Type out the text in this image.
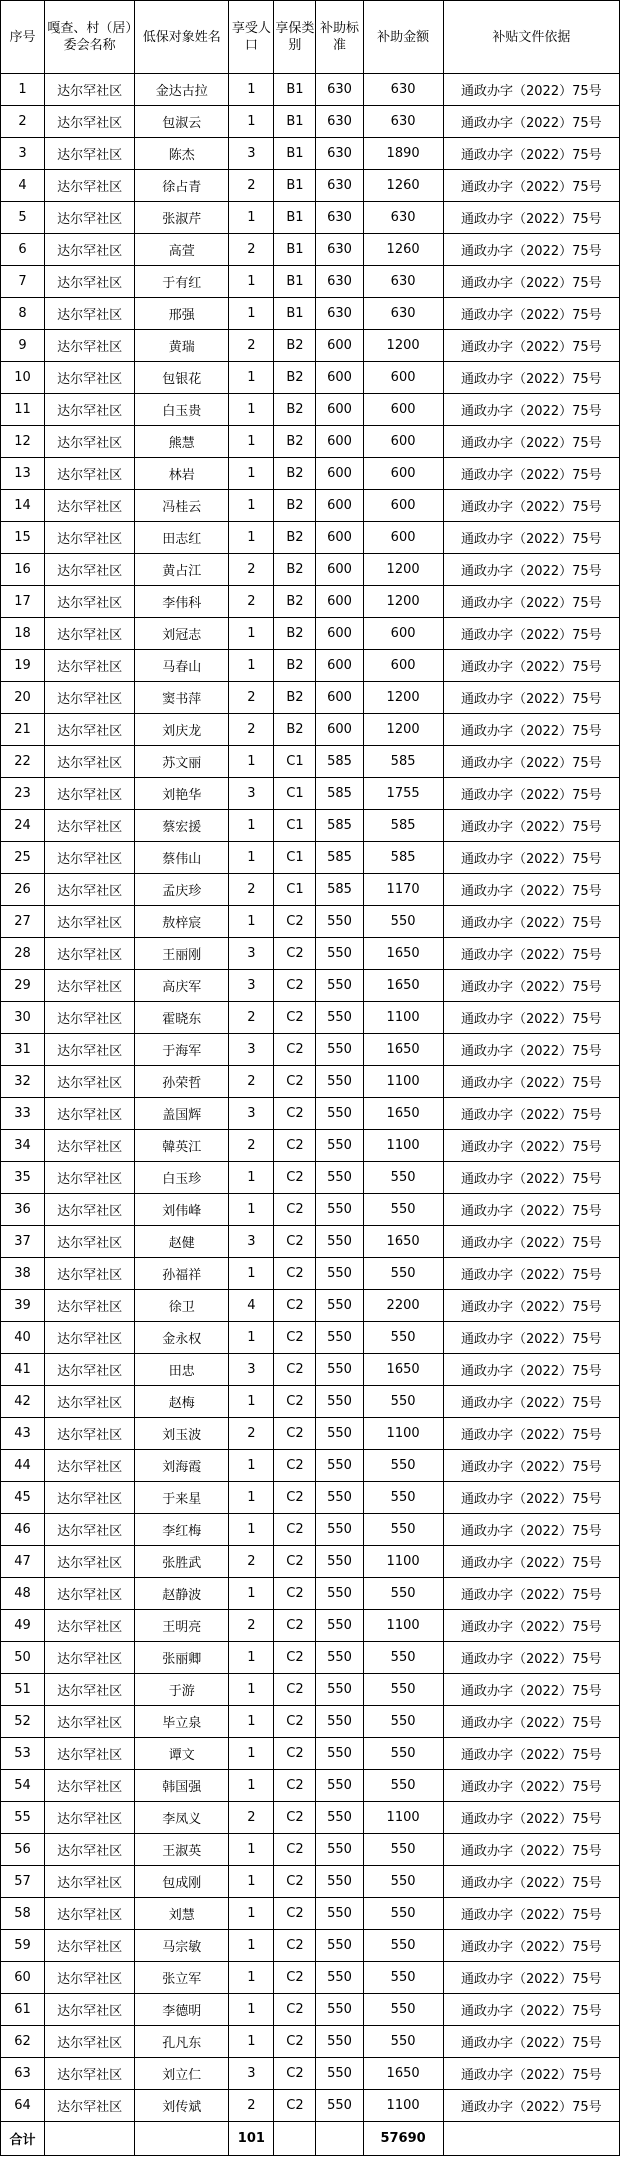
序号	嘎查、村（居）委会名称	低保对象姓名	享受人口	享保类别	补助标准	补助金额	补贴文件依据
1	达尔罕社区	金达古拉	1	B1	630	630	通政办字（2022）75号
2	达尔罕社区	包淑云	1	B1	630	630	通政办字（2022）75号
3	达尔罕社区	陈杰	3	B1	630	1890	通政办字（2022）75号
4	达尔罕社区	徐占青	2	B1	630	1260	通政办字（2022）75号
5	达尔罕社区	张淑芹	1	B1	630	630	通政办字（2022）75号
6	达尔罕社区	高萱	2	B1	630	1260	通政办字（2022）75号
7	达尔罕社区	于有红	1	B1	630	630	通政办字（2022）75号
8	达尔罕社区	邢强	1	B1	630	630	通政办字（2022）75号
9	达尔罕社区	黄瑞	2	B2	600	1200	通政办字（2022）75号
10	达尔罕社区	包银花	1	B2	600	600	通政办字（2022）75号
11	达尔罕社区	白玉贵	1	B2	600	600	通政办字（2022）75号
12	达尔罕社区	熊慧	1	B2	600	600	通政办字（2022）75号
13	达尔罕社区	林岩	1	B2	600	600	通政办字（2022）75号
14	达尔罕社区	冯桂云	1	B2	600	600	通政办字（2022）75号
15	达尔罕社区	田志红	1	B2	600	600	通政办字（2022）75号
16	达尔罕社区	黄占江	2	B2	600	1200	通政办字（2022）75号
17	达尔罕社区	李伟科	2	B2	600	1200	通政办字（2022）75号
18	达尔罕社区	刘冠志	1	B2	600	600	通政办字（2022）75号
19	达尔罕社区	马春山	1	B2	600	600	通政办字（2022）75号
20	达尔罕社区	窦书萍	2	B2	600	1200	通政办字（2022）75号
21	达尔罕社区	刘庆龙	2	B2	600	1200	通政办字（2022）75号
22	达尔罕社区	苏文丽	1	C1	585	585	通政办字（2022）75号
23	达尔罕社区	刘艳华	3	C1	585	1755	通政办字（2022）75号
24	达尔罕社区	蔡宏援	1	C1	585	585	通政办字（2022）75号
25	达尔罕社区	蔡伟山	1	C1	585	585	通政办字（2022）75号
26	达尔罕社区	孟庆珍	2	C1	585	1170	通政办字（2022）75号
27	达尔罕社区	敖梓宸	1	C2	550	550	通政办字（2022）75号
28	达尔罕社区	王丽刚	3	C2	550	1650	通政办字（2022）75号
29	达尔罕社区	高庆军	3	C2	550	1650	通政办字（2022）75号
30	达尔罕社区	霍晓东	2	C2	550	1100	通政办字（2022）75号
31	达尔罕社区	于海军	3	C2	550	1650	通政办字（2022）75号
32	达尔罕社区	孙荣哲	2	C2	550	1100	通政办字（2022）75号
33	达尔罕社区	盖国辉	3	C2	550	1650	通政办字（2022）75号
34	达尔罕社区	韓英江	2	C2	550	1100	通政办字（2022）75号
35	达尔罕社区	白玉珍	1	C2	550	550	通政办字（2022）75号
36	达尔罕社区	刘伟峰	1	C2	550	550	通政办字（2022）75号
37	达尔罕社区	赵健	3	C2	550	1650	通政办字（2022）75号
38	达尔罕社区	孙福祥	1	C2	550	550	通政办字（2022）75号
39	达尔罕社区	徐卫	4	C2	550	2200	通政办字（2022）75号
40	达尔罕社区	金永权	1	C2	550	550	通政办字（2022）75号
41	达尔罕社区	田忠	3	C2	550	1650	通政办字（2022）75号
42	达尔罕社区	赵梅	1	C2	550	550	通政办字（2022）75号
43	达尔罕社区	刘玉波	2	C2	550	1100	通政办字（2022）75号
44	达尔罕社区	刘海霞	1	C2	550	550	通政办字（2022）75号
45	达尔罕社区	于来星	1	C2	550	550	通政办字（2022）75号
46	达尔罕社区	李红梅	1	C2	550	550	通政办字（2022）75号
47	达尔罕社区	张胜武	2	C2	550	1100	通政办字（2022）75号
48	达尔罕社区	赵静波	1	C2	550	550	通政办字（2022）75号
49	达尔罕社区	王明亮	2	C2	550	1100	通政办字（2022）75号
50	达尔罕社区	张丽卿	1	C2	550	550	通政办字（2022）75号
51	达尔罕社区	于游	1	C2	550	550	通政办字（2022）75号
52	达尔罕社区	毕立泉	1	C2	550	550	通政办字（2022）75号
53	达尔罕社区	谭文	1	C2	550	550	通政办字（2022）75号
54	达尔罕社区	韩国强	1	C2	550	550	通政办字（2022）75号
55	达尔罕社区	李凤义	2	C2	550	1100	通政办字（2022）75号
56	达尔罕社区	王淑英	1	C2	550	550	通政办字（2022）75号
57	达尔罕社区	包成刚	1	C2	550	550	通政办字（2022）75号
58	达尔罕社区	刘慧	1	C2	550	550	通政办字（2022）75号
59	达尔罕社区	马宗敏	1	C2	550	550	通政办字（2022）75号
60	达尔罕社区	张立军	1	C2	550	550	通政办字（2022）75号
61	达尔罕社区	李德明	1	C2	550	550	通政办字（2022）75号
62	达尔罕社区	孔凡东	1	C2	550	550	通政办字（2022）75号
63	达尔罕社区	刘立仁	3	C2	550	1650	通政办字（2022）75号
64	达尔罕社区	刘传斌	2	C2	550	1100	通政办字（2022）75号
合计			101			57690	
